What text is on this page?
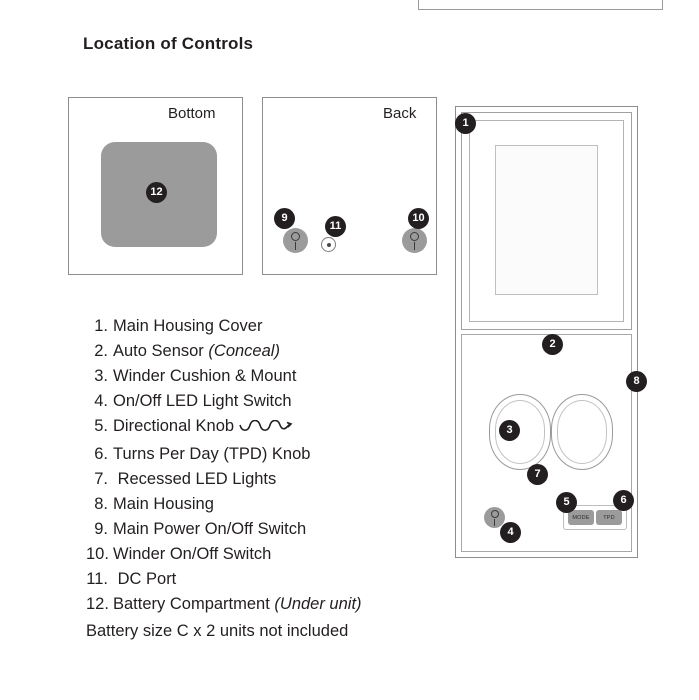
Location of Controls
Bottom
12
Back
9
11
10
MODE	TPD
1
2
8
3
7
5	6
4
1. Main Housing Cover
2. Auto Sensor (Conceal)
3. Winder Cushion & Mount
4. On/Off LED Light Switch
5. Directional Knob
6. Turns Per Day (TPD) Knob
7. Recessed LED Lights
8. Main Housing
9. Main Power On/Off Switch
10. Winder On/Off Switch
11. DC Port
12. Battery Compartment (Under unit)
Battery size C x 2 units not included
